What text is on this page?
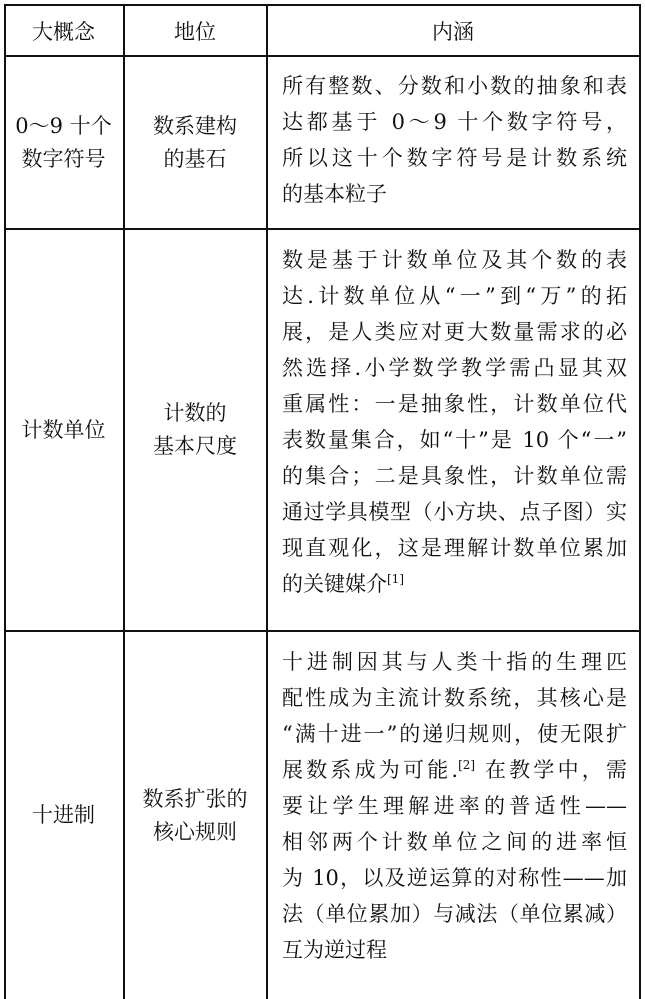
大概念	地位	内涵
0～9 十个
数字符号
数系建构
的基石
所有整数、分数和小数的抽象和表
达都基于 0～9 十个数字符号，
所以这十个数字符号是计数系统
的基本粒子
计数单位
计数的
基本尺度
数是基于计数单位及其个数的表
达.计数单位从“一”到“万”的拓
展，是人类应对更大数量需求的必
然选择.小学数学教学需凸显其双
重属性：一是抽象性，计数单位代
表数量集合，如“十”是 10 个“一”
的集合；二是具象性，计数单位需
通过学具模型（小方块、点子图）实
现直观化，这是理解计数单位累加
的关键媒介[1]
十进制
数系扩张的
核心规则
十进制因其与人类十指的生理匹
配性成为主流计数系统，其核心是
“满十进一”的递归规则，使无限扩
展数系成为可能.[2] 在教学中，需
要让学生理解进率的普适性——
相邻两个计数单位之间的进率恒
为 10，以及逆运算的对称性——加
法（单位累加）与减法（单位累减）
互为逆过程
